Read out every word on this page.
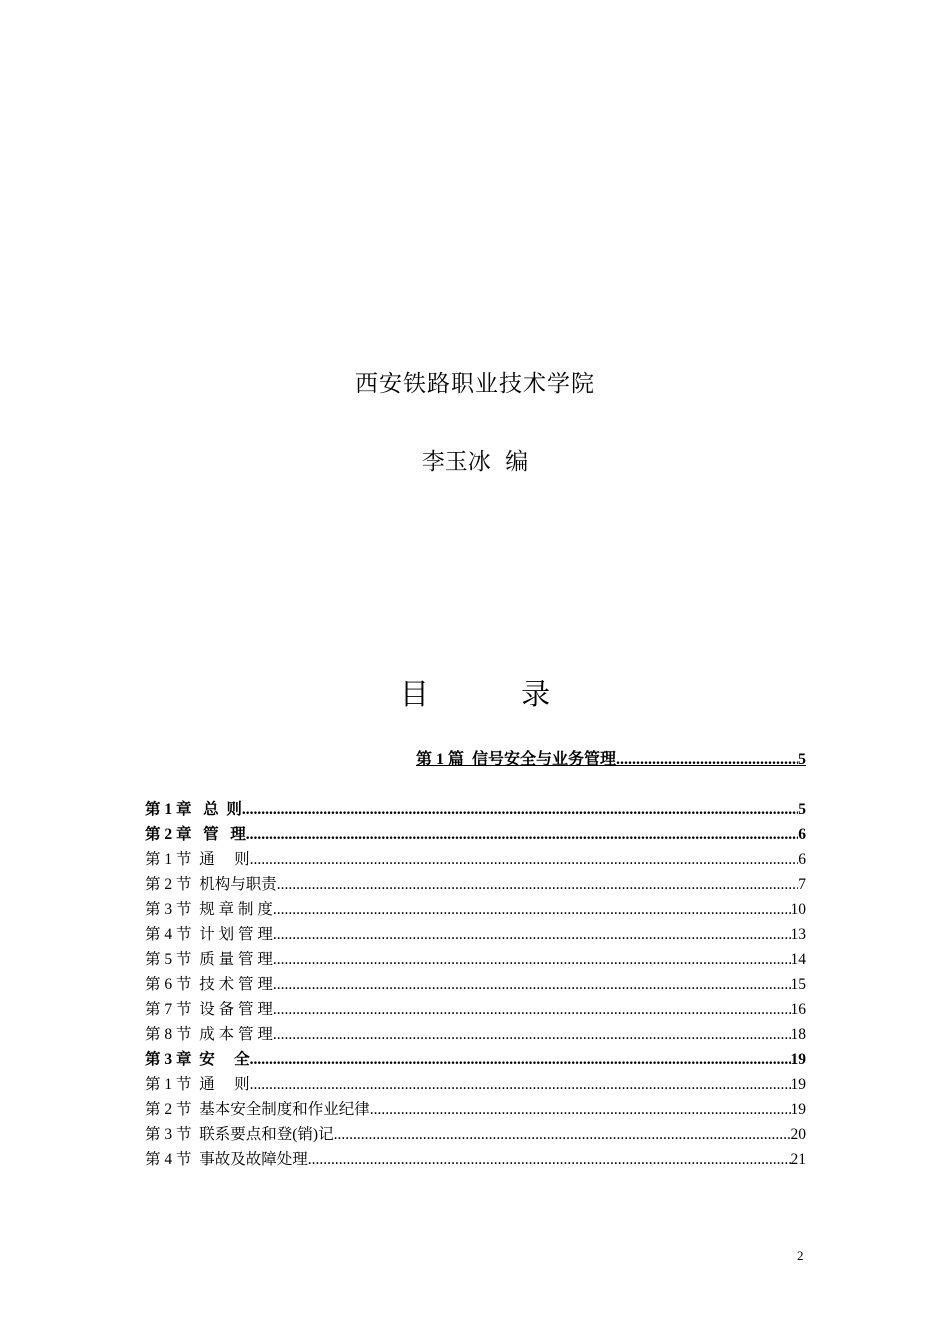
西安铁路职业技术学院
李玉冰  编
目          录
第 1 篇  信号安全与业务管理 .....	5
第 1 章   总  则 .....	5
第 2 章   管   理 .....	6
第 1 节  通     则 .....	6
第 2 节  机构与职责 .....	7
第 3 节  规 章 制 度 .....	10
第 4 节  计 划 管 理 .....	13
第 5 节  质 量 管 理 .....	14
第 6 节  技 术 管 理 .....	15
第 7 节  设 备 管 理 .....	16
第 8 节  成 本 管 理 .....	18
第 3 章  安     全 .....	19
第 1 节  通     则 .....	19
第 2 节  基本安全制度和作业纪律 .....	19
第 3 节  联系要点和登(销)记 .....	20
第 4 节  事故及故障处理 .....	21
2
